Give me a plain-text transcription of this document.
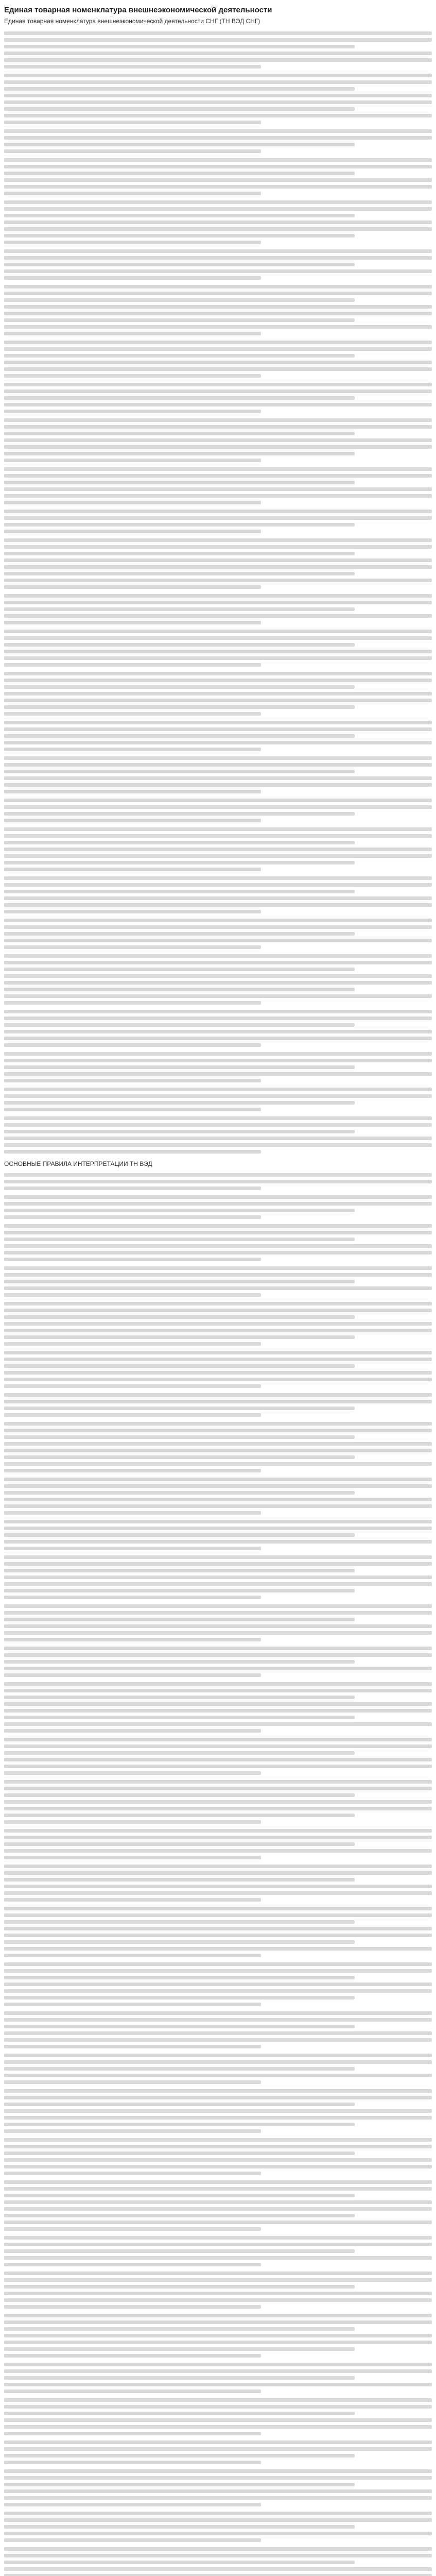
Единая товарная номенклатура внешнеэкономической деятельности
Единая товарная номенклатура внешнеэкономической деятельности СНГ (ТН ВЭД СНГ)
ОСНОВНЫЕ ПРАВИЛА ИНТЕРПРЕТАЦИИ ТН ВЭД
